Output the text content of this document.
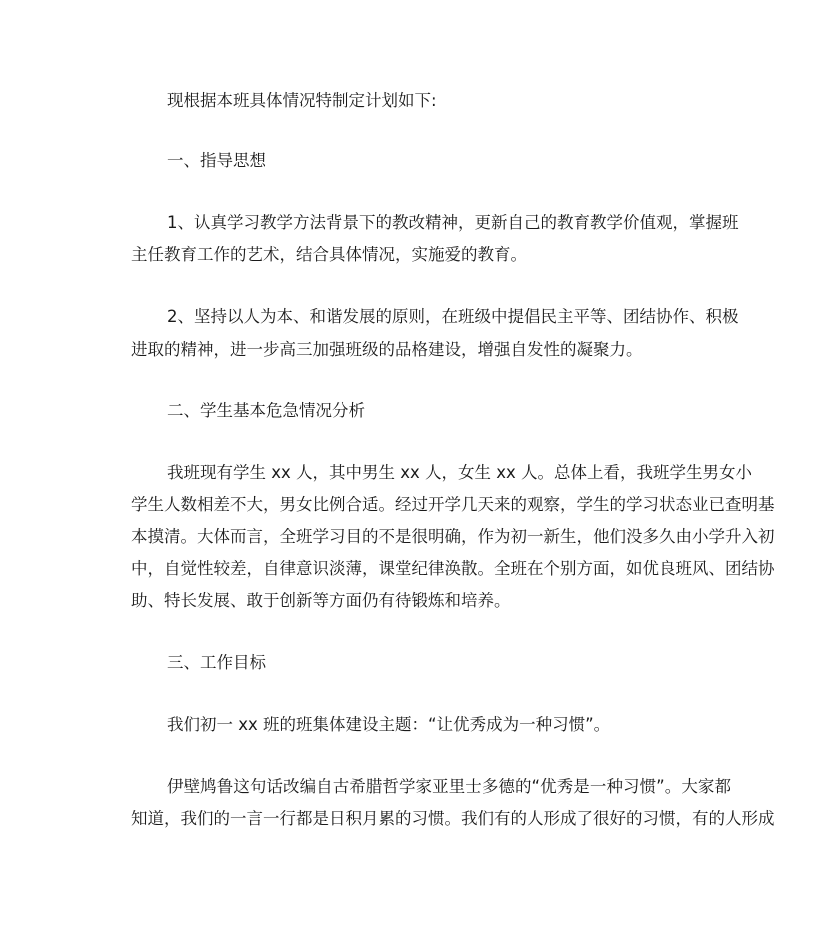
现根据本班具体情况特制定计划如下:
一、指导思想
1、认真学习教学方法背景下的教改精神，更新自己的教育教学价值观，掌握班
主任教育工作的艺术，结合具体情况，实施爱的教育。
2、坚持以人为本、和谐发展的原则，在班级中提倡民主平等、团结协作、积极
进取的精神，进一步高三加强班级的品格建设，增强自发性的凝聚力。
二、学生基本危急情况分析
我班现有学生 xx 人，其中男生 xx 人，女生 xx 人。总体上看，我班学生男女小
学生人数相差不大，男女比例合适。经过开学几天来的观察，学生的学习状态业已查明基
本摸清。大体而言，全班学习目的不是很明确，作为初一新生，他们没多久由小学升入初
中，自觉性较差，自律意识淡薄，课堂纪律涣散。全班在个别方面，如优良班风、团结协
助、特长发展、敢于创新等方面仍有待锻炼和培养。
三、工作目标
我们初一 xx 班的班集体建设主题：“让优秀成为一种习惯”。
伊壁鸠鲁这句话改编自古希腊哲学家亚里士多德的“优秀是一种习惯”。大家都
知道，我们的一言一行都是日积月累的习惯。我们有的人形成了很好的习惯，有的人形成
